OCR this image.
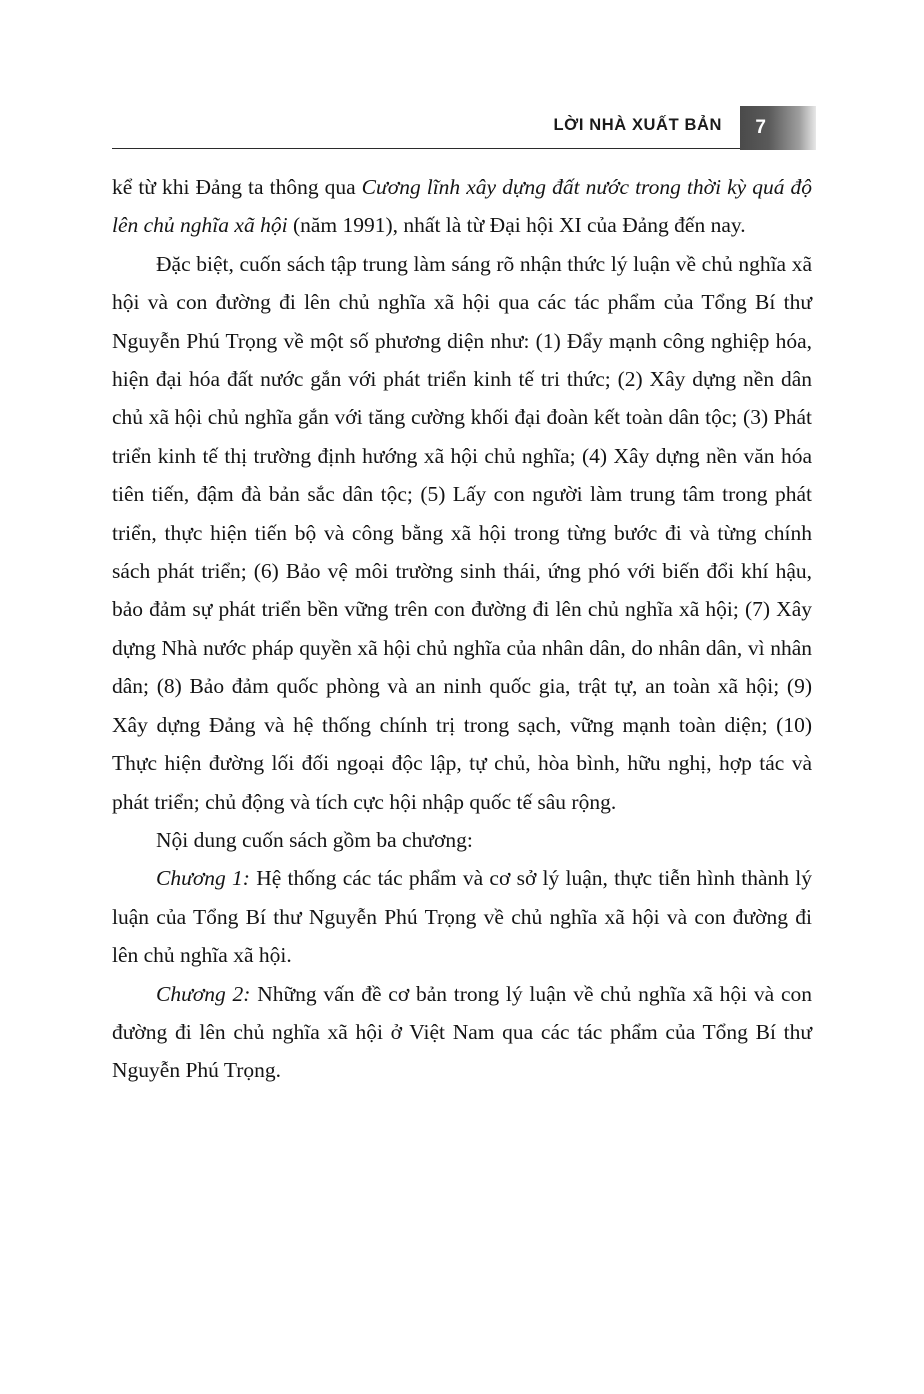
LỜI NHÀ XUẤT BẢN 7

kể từ khi Đảng ta thông qua Cương lĩnh xây dựng đất nước trong thời kỳ quá độ lên chủ nghĩa xã hội (năm 1991), nhất là từ Đại hội XI của Đảng đến nay.

Đặc biệt, cuốn sách tập trung làm sáng rõ nhận thức lý luận về chủ nghĩa xã hội và con đường đi lên chủ nghĩa xã hội qua các tác phẩm của Tổng Bí thư Nguyễn Phú Trọng về một số phương diện như: (1) Đẩy mạnh công nghiệp hóa, hiện đại hóa đất nước gắn với phát triển kinh tế tri thức; (2) Xây dựng nền dân chủ xã hội chủ nghĩa gắn với tăng cường khối đại đoàn kết toàn dân tộc; (3) Phát triển kinh tế thị trường định hướng xã hội chủ nghĩa; (4) Xây dựng nền văn hóa tiên tiến, đậm đà bản sắc dân tộc; (5) Lấy con người làm trung tâm trong phát triển, thực hiện tiến bộ và công bằng xã hội trong từng bước đi và từng chính sách phát triển; (6) Bảo vệ môi trường sinh thái, ứng phó với biến đổi khí hậu, bảo đảm sự phát triển bền vững trên con đường đi lên chủ nghĩa xã hội; (7) Xây dựng Nhà nước pháp quyền xã hội chủ nghĩa của nhân dân, do nhân dân, vì nhân dân; (8) Bảo đảm quốc phòng và an ninh quốc gia, trật tự, an toàn xã hội; (9) Xây dựng Đảng và hệ thống chính trị trong sạch, vững mạnh toàn diện; (10) Thực hiện đường lối đối ngoại độc lập, tự chủ, hòa bình, hữu nghị, hợp tác và phát triển; chủ động và tích cực hội nhập quốc tế sâu rộng.

Nội dung cuốn sách gồm ba chương:

Chương 1: Hệ thống các tác phẩm và cơ sở lý luận, thực tiễn hình thành lý luận của Tổng Bí thư Nguyễn Phú Trọng về chủ nghĩa xã hội và con đường đi lên chủ nghĩa xã hội.

Chương 2: Những vấn đề cơ bản trong lý luận về chủ nghĩa xã hội và con đường đi lên chủ nghĩa xã hội ở Việt Nam qua các tác phẩm của Tổng Bí thư Nguyễn Phú Trọng.
